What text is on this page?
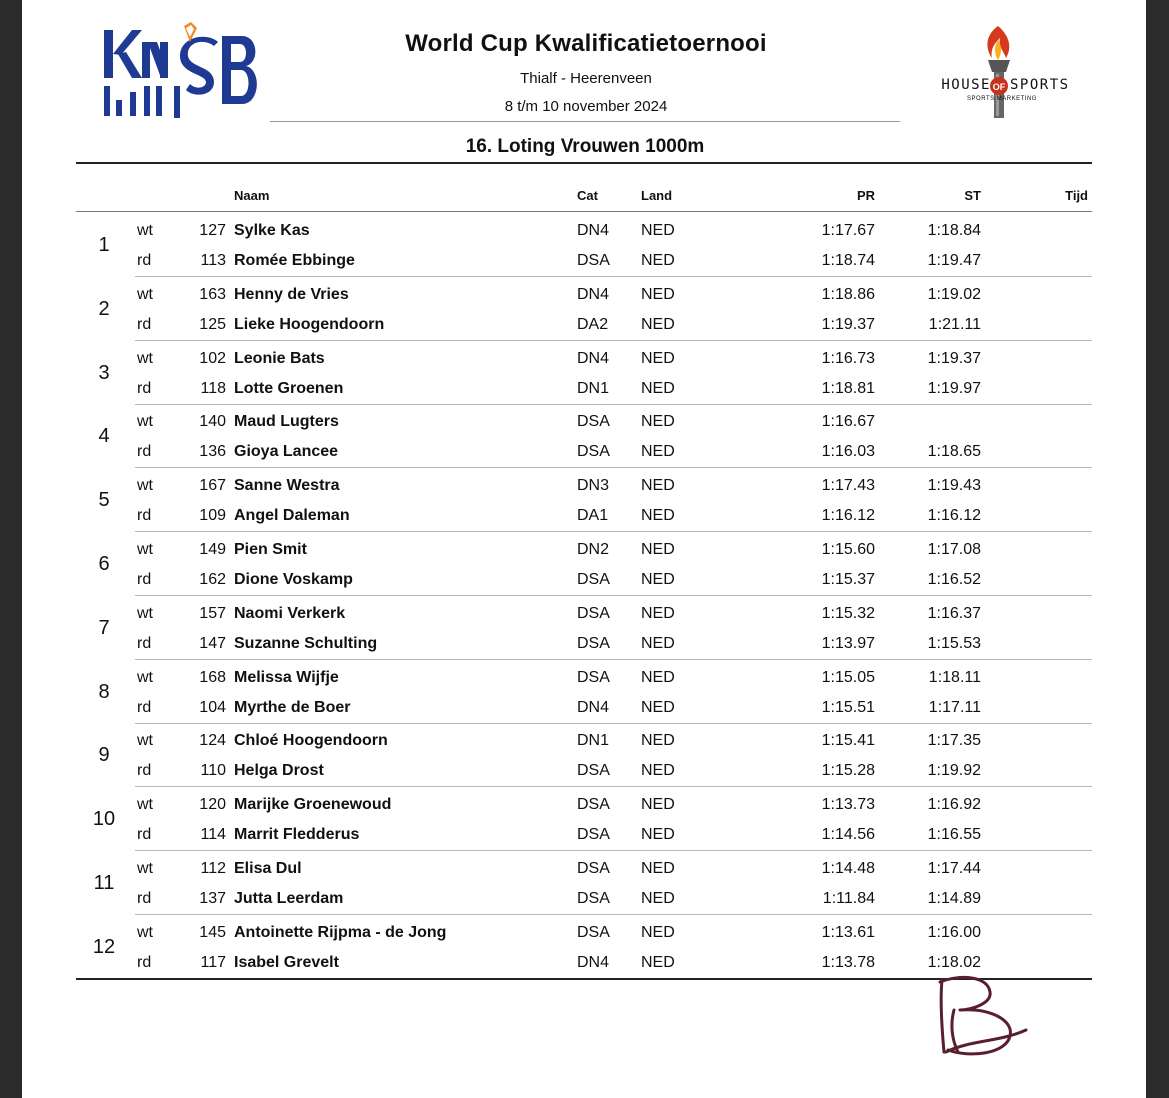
World Cup Kwalificatietoernooi
Thialf - Heerenveen
8 t/m 10 november 2024
16. Loting Vrouwen 1000m
OF
HOUSE SPORTS
SPORTS MARKETING
Naam	Cat	Land	PR	ST	Tijd
1
wt	127 Sylke Kas	DN4 NED	1:17.67	1:18.84
rd	113 Romée Ebbinge	DSA NED	1:18.74	1:19.47
2
wt	163 Henny de Vries	DN4 NED	1:18.86	1:19.02
rd	125 Lieke Hoogendoorn	DA2 NED	1:19.37	1:21.11
3
wt	102 Leonie Bats	DN4 NED	1:16.73	1:19.37
rd	118 Lotte Groenen	DN1 NED	1:18.81	1:19.97
4
wt	140 Maud Lugters	DSA NED	1:16.67
rd	136 Gioya Lancee	DSA NED	1:16.03	1:18.65
5
wt	167 Sanne Westra	DN3 NED	1:17.43	1:19.43
rd	109 Angel Daleman	DA1 NED	1:16.12	1:16.12
6
wt	149 Pien Smit	DN2 NED	1:15.60	1:17.08
rd	162 Dione Voskamp	DSA NED	1:15.37	1:16.52
7
wt	157 Naomi Verkerk	DSA NED	1:15.32	1:16.37
rd	147 Suzanne Schulting	DSA NED	1:13.97	1:15.53
8
wt	168 Melissa Wijfje	DSA NED	1:15.05	1:18.11
rd	104 Myrthe de Boer	DN4 NED	1:15.51	1:17.11
9
wt	124 Chloé Hoogendoorn	DN1 NED	1:15.41	1:17.35
rd	110 Helga Drost	DSA NED	1:15.28	1:19.92
10
wt	120 Marijke Groenewoud	DSA NED	1:13.73	1:16.92
rd	114 Marrit Fledderus	DSA NED	1:14.56	1:16.55
11
wt	112 Elisa Dul	DSA NED	1:14.48	1:17.44
rd	137 Jutta Leerdam	DSA NED	1:11.84	1:14.89
12
wt	145 Antoinette Rijpma - de Jong	DSA NED	1:13.61	1:16.00
rd	117 Isabel Grevelt	DN4 NED	1:13.78	1:18.02
